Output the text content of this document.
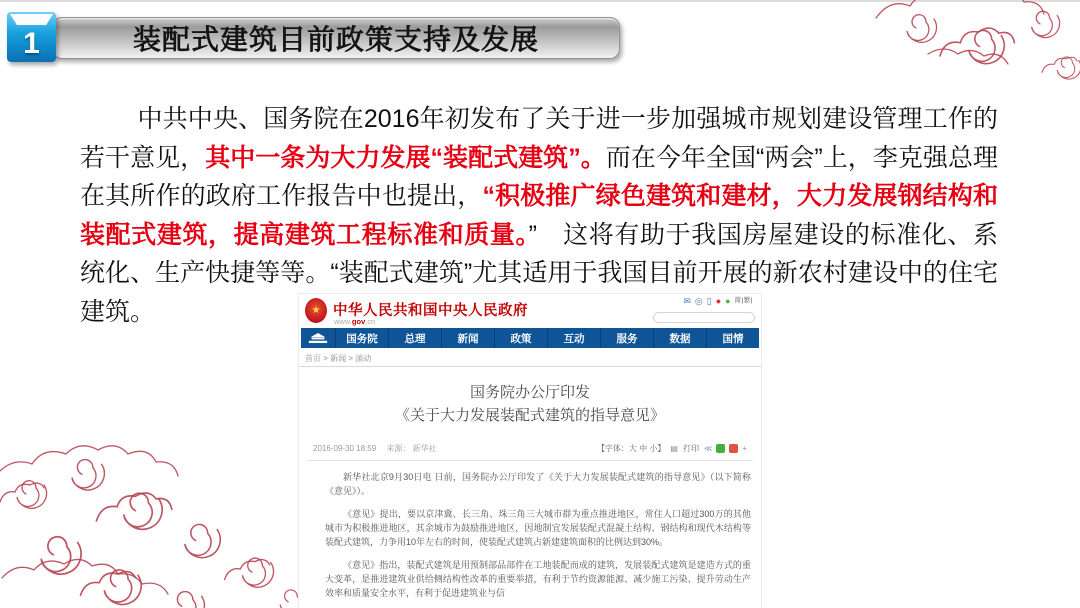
装配式建筑目前政策支持及发展
1

中共中央、国务院在2016年初发布了关于进一步加强城市规划建设管理工作的若干意见，其中一条为大力发展“装配式建筑”。而在今年全国“两会”上，李克强总理在其所作的政府工作报告中也提出，“积极推广绿色建筑和建材，大力发展钢结构和装配式建筑，提高建筑工程标准和质量。”　这将有助于我国房屋建设的标准化、系统化、生产快捷等等。“装配式建筑”尤其适用于我国目前开展的新农村建设中的住宅建筑。	★ 中华人民共和国中央人民政府
www.gov.cn
✉ ◎ ▯ ● ● 简|繁|
国务院	总理	新闻	政策	互动	服务	数据	国情
首页 > 新闻 > 滚动
国务院办公厅印发
《关于大力发展装配式建筑的指导意见》
2016-09-30 18:59 来源： 新华社	【字体：大 中 小】 ▤ 打印 ≪	+

新华社北京9月30日电 日前，国务院办公厅印发了《关于大力发展装配式建筑的指导意见》（以下简称《意见》）。

《意见》提出，要以京津冀、长三角、珠三角三大城市群为重点推进地区，常住人口超过300万的其他城市为积极推进地区，其余城市为鼓励推进地区，因地制宜发展装配式混凝土结构、钢结构和现代木结构等装配式建筑，力争用10年左右的时间，使装配式建筑占新建建筑面积的比例达到30%。

《意见》指出，装配式建筑是用预制部品部件在工地装配而成的建筑，发展装配式建筑是建造方式的重大变革，是推进建筑业供给侧结构性改革的重要举措，有利于节约资源能源、减少施工污染、提升劳动生产效率和质量安全水平，有利于促进建筑业与信
